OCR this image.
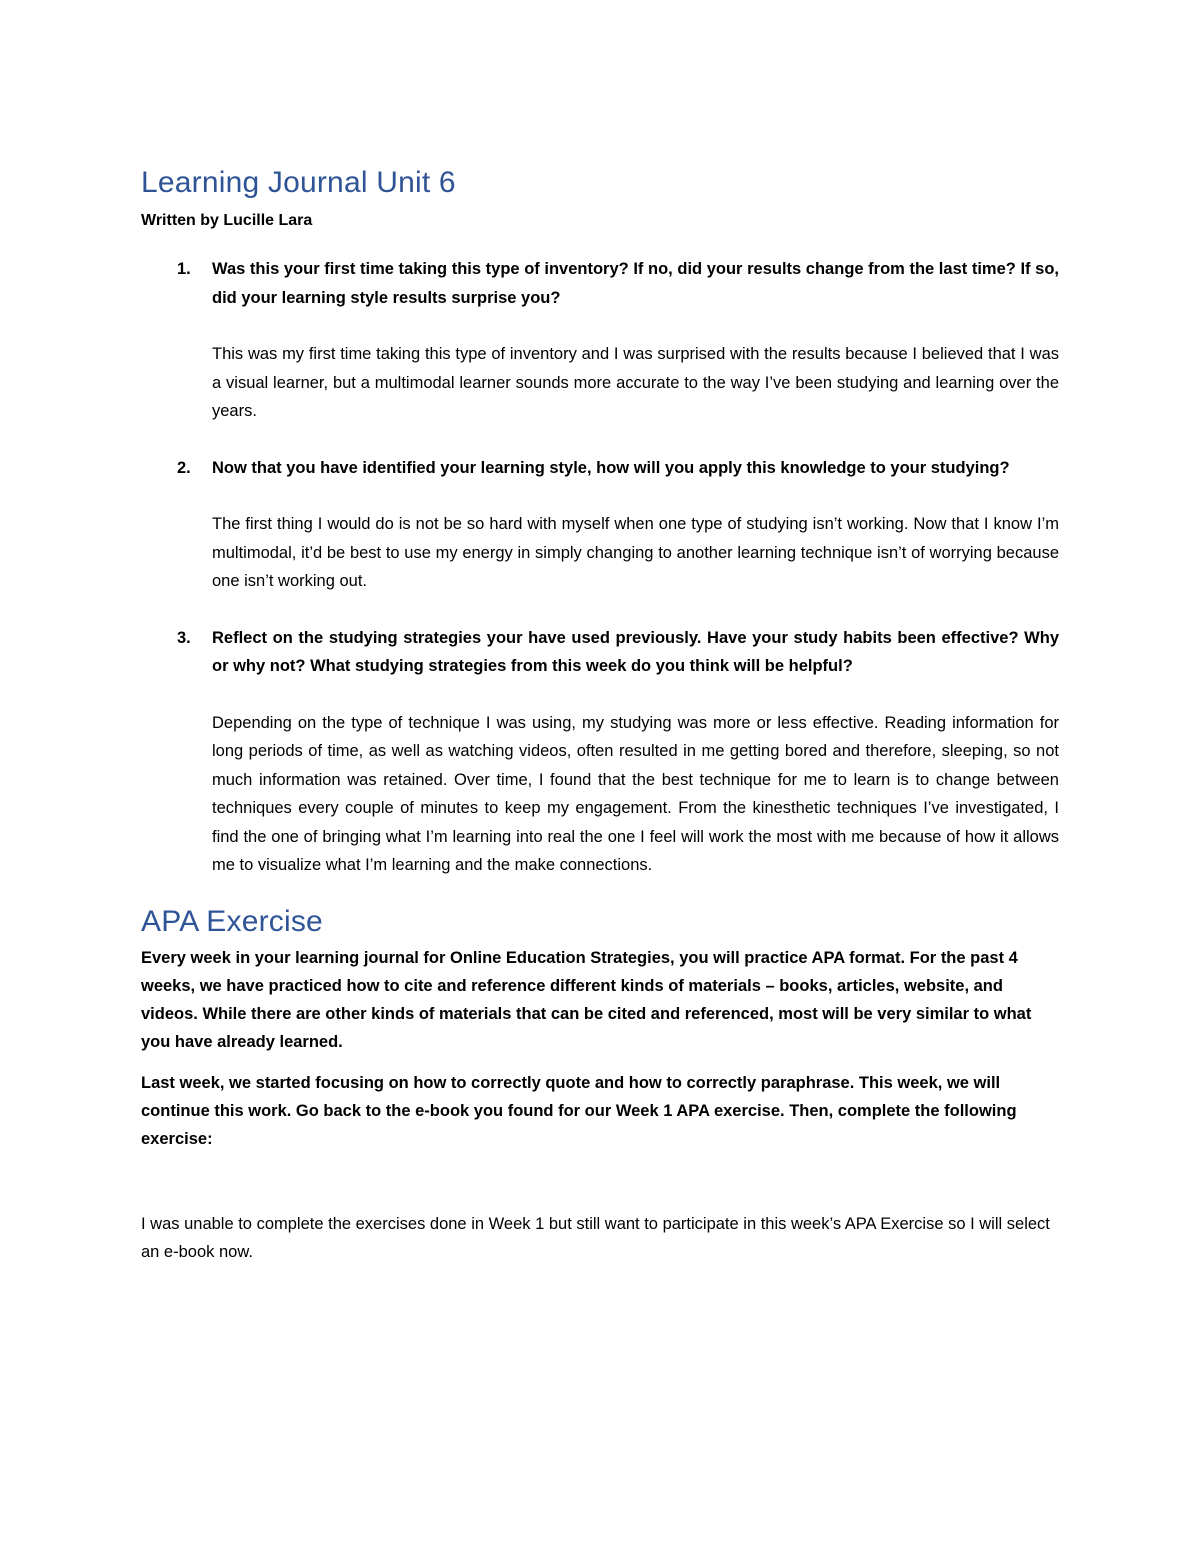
Learning Journal Unit 6

Written by Lucille Lara

1. Was this your first time taking this type of inventory? If no, did your results change from the last time? If so, did your learning style results surprise you?

This was my first time taking this type of inventory and I was surprised with the results because I believed that I was a visual learner, but a multimodal learner sounds more accurate to the way I’ve been studying and learning over the years.

2. Now that you have identified your learning style, how will you apply this knowledge to your studying?

The first thing I would do is not be so hard with myself when one type of studying isn’t working. Now that I know I’m multimodal, it’d be best to use my energy in simply changing to another learning technique isn’t of worrying because one isn’t working out.

3. Reflect on the studying strategies your have used previously. Have your study habits been effective? Why or why not? What studying strategies from this week do you think will be helpful?

Depending on the type of technique I was using, my studying was more or less effective. Reading information for long periods of time, as well as watching videos, often resulted in me getting bored and therefore, sleeping, so not much information was retained. Over time, I found that the best technique for me to learn is to change between techniques every couple of minutes to keep my engagement. From the kinesthetic techniques I’ve investigated, I find the one of bringing what I’m learning into real the one I feel will work the most with me because of how it allows me to visualize what I’m learning and the make connections.

APA Exercise

Every week in your learning journal for Online Education Strategies, you will practice APA format. For the past 4 weeks, we have practiced how to cite and reference different kinds of materials – books, articles, website, and videos. While there are other kinds of materials that can be cited and referenced, most will be very similar to what you have already learned.

Last week, we started focusing on how to correctly quote and how to correctly paraphrase. This week, we will continue this work. Go back to the e-book you found for our Week 1 APA exercise. Then, complete the following exercise:

I was unable to complete the exercises done in Week 1 but still want to participate in this week’s APA Exercise so I will select an e-book now.
